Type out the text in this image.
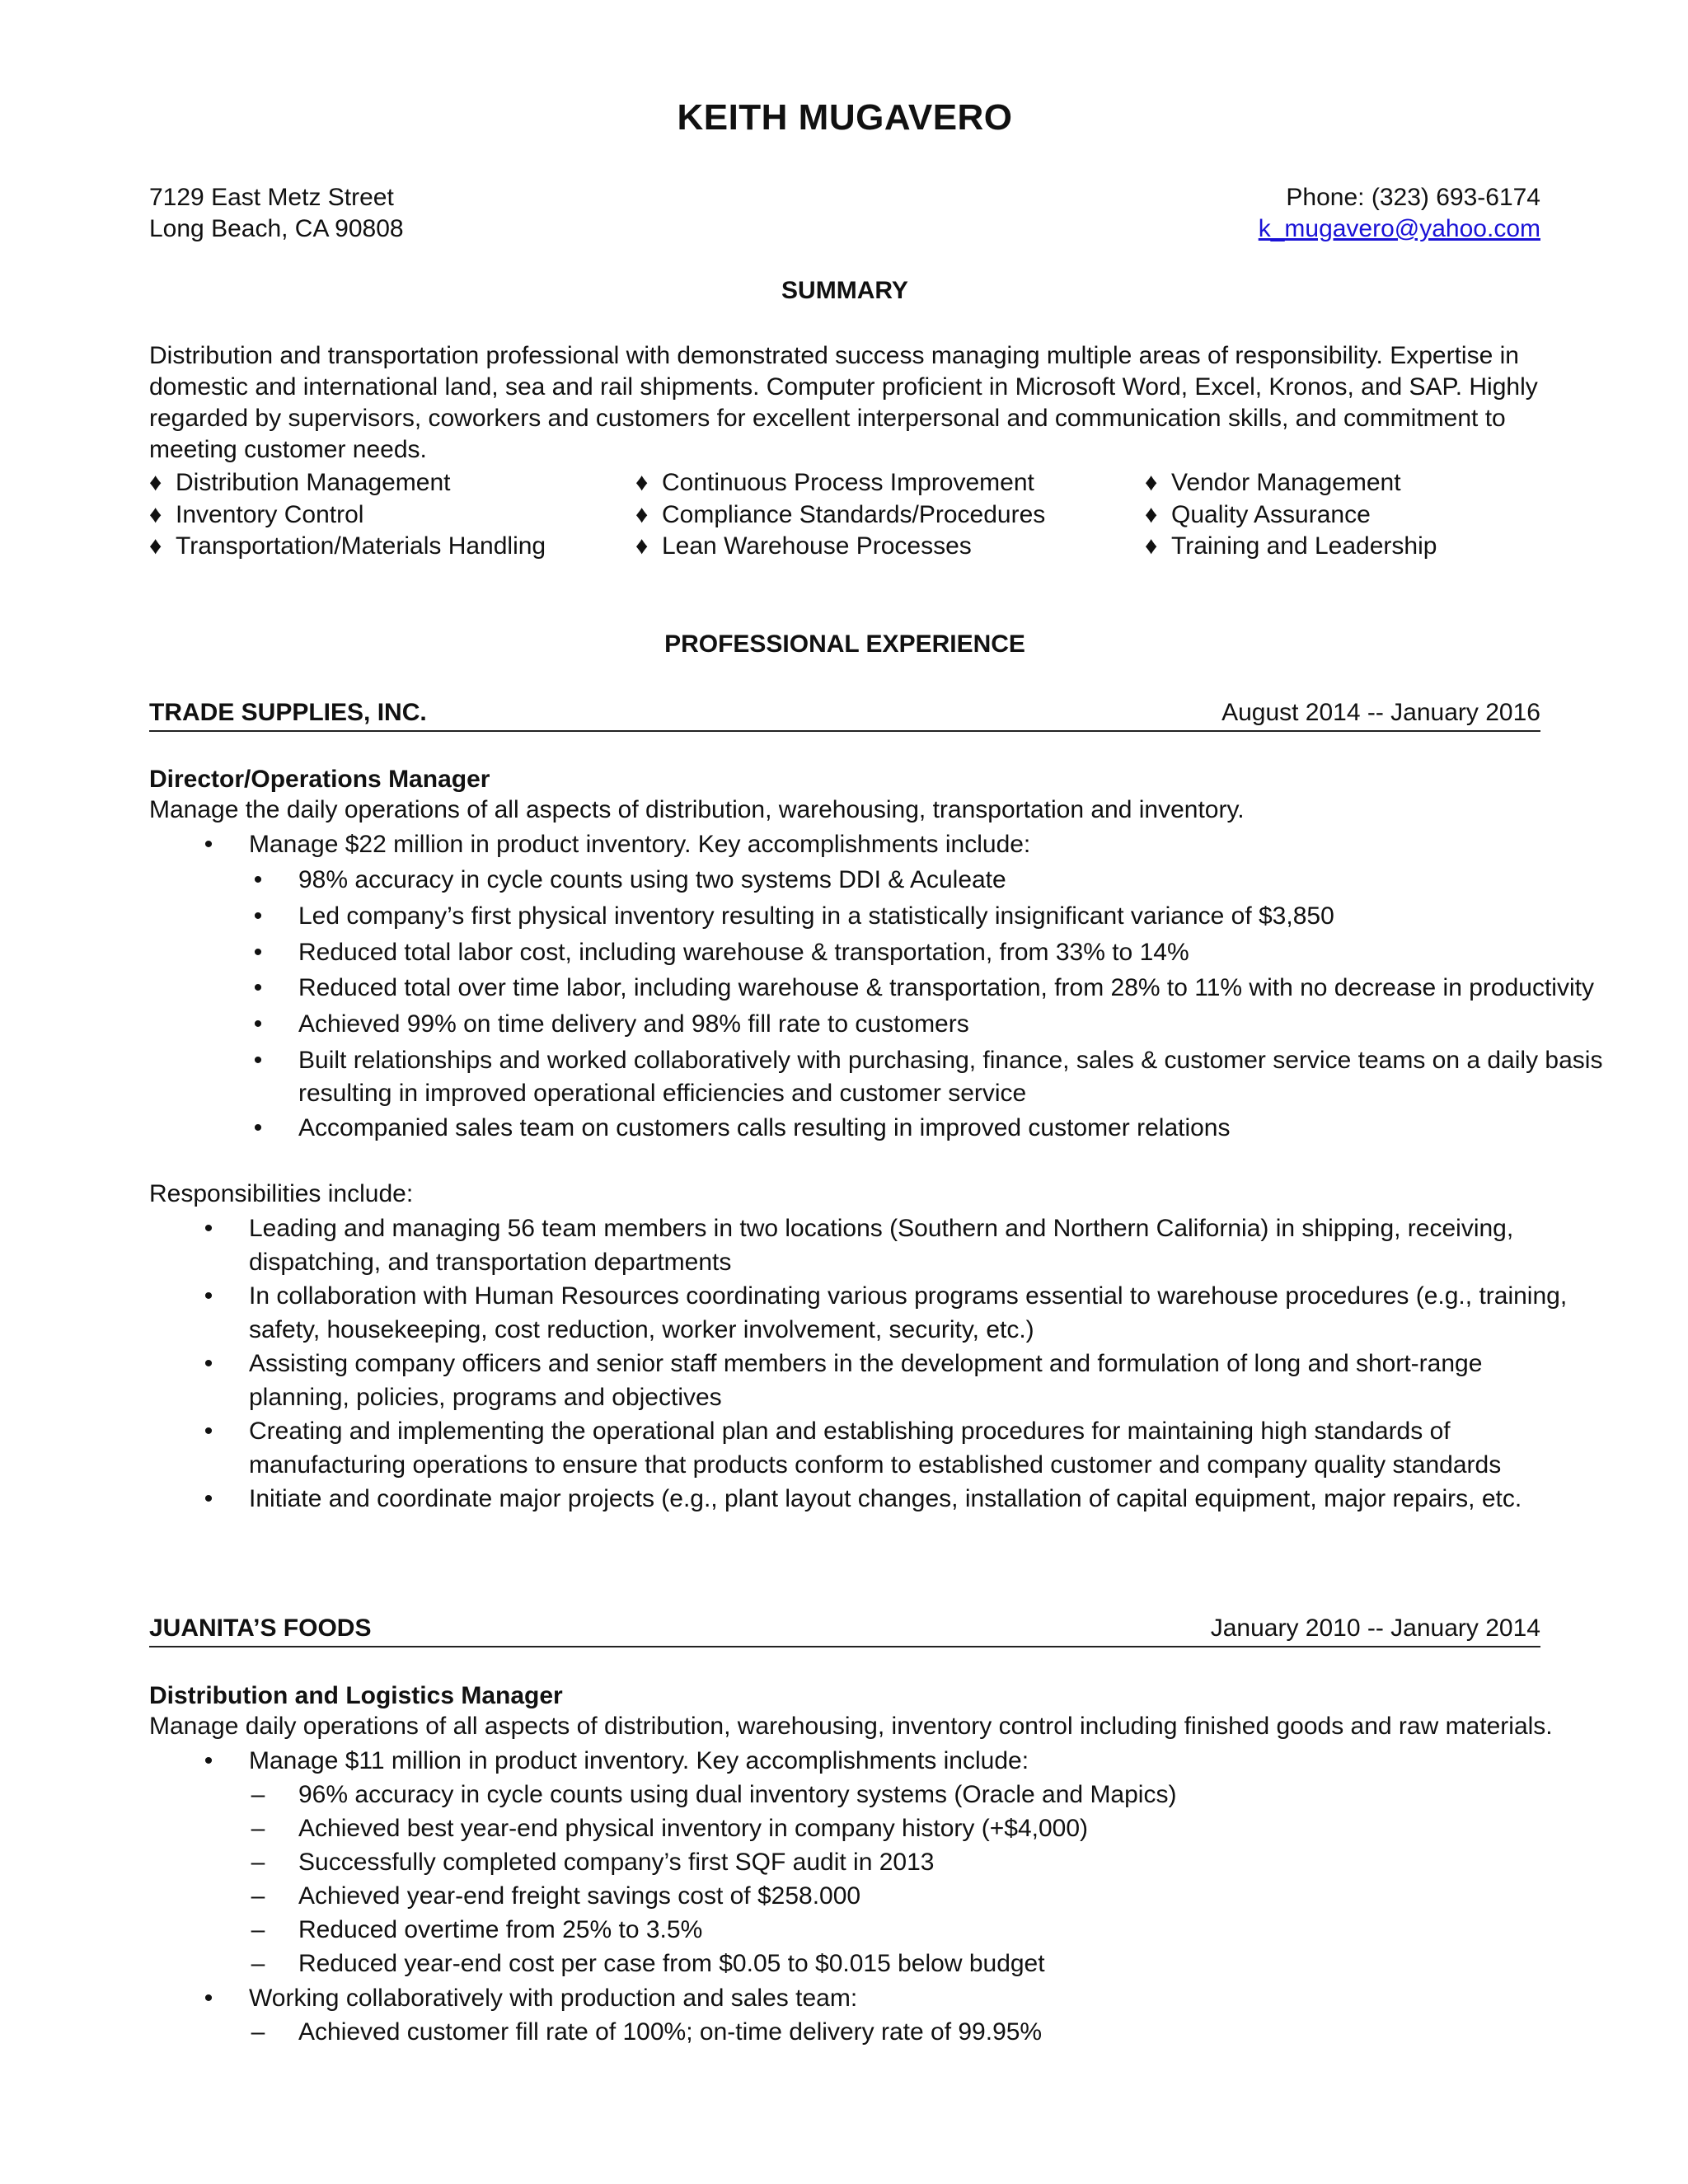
KEITH MUGAVERO
7129 East Metz Street
Long Beach, CA 90808
Phone: (323) 693-6174
k_mugavero@yahoo.com
SUMMARY
Distribution and transportation professional with demonstrated success managing multiple areas of responsibility. Expertise in domestic and international land, sea and rail shipments. Computer proficient in Microsoft Word, Excel, Kronos, and SAP. Highly regarded by supervisors, coworkers and customers for excellent interpersonal and communication skills, and commitment to meeting customer needs.
♦ Distribution Management
♦ Inventory Control
♦ Transportation/Materials Handling
♦ Continuous Process Improvement
♦ Compliance Standards/Procedures
♦ Lean Warehouse Processes
♦ Vendor Management
♦ Quality Assurance
♦ Training and Leadership
PROFESSIONAL EXPERIENCE
TRADE SUPPLIES, INC.	August 2014 -- January 2016
Director/Operations Manager
Manage the daily operations of all aspects of distribution, warehousing, transportation and inventory.
• Manage $22 million in product inventory. Key accomplishments include:
• 98% accuracy in cycle counts using two systems DDI & Aculeate
• Led company’s first physical inventory resulting in a statistically insignificant variance of $3,850
• Reduced total labor cost, including warehouse & transportation, from 33% to 14%
• Reduced total over time labor, including warehouse & transportation, from 28% to 11% with no decrease in productivity
• Achieved 99% on time delivery and 98% fill rate to customers
• Built relationships and worked collaboratively with purchasing, finance, sales & customer service teams on a daily basis
resulting in improved operational efficiencies and customer service
• Accompanied sales team on customers calls resulting in improved customer relations
Responsibilities include:
• Leading and managing 56 team members in two locations (Southern and Northern California) in shipping, receiving, dispatching, and transportation departments
• In collaboration with Human Resources coordinating various programs essential to warehouse procedures (e.g., training, safety, housekeeping, cost reduction, worker involvement, security, etc.)
• Assisting company officers and senior staff members in the development and formulation of long and short-range planning, policies, programs and objectives
• Creating and implementing the operational plan and establishing procedures for maintaining high standards of manufacturing operations to ensure that products conform to established customer and company quality standards
• Initiate and coordinate major projects (e.g., plant layout changes, installation of capital equipment, major repairs, etc.
JUANITA’S FOODS	January 2010 -- January 2014
Distribution and Logistics Manager
Manage daily operations of all aspects of distribution, warehousing, inventory control including finished goods and raw materials.
• Manage $11 million in product inventory. Key accomplishments include:
– 96% accuracy in cycle counts using dual inventory systems (Oracle and Mapics)
– Achieved best year-end physical inventory in company history (+$4,000)
– Successfully completed company’s first SQF audit in 2013
– Achieved year-end freight savings cost of $258.000
– Reduced overtime from 25% to 3.5%
– Reduced year-end cost per case from $0.05 to $0.015 below budget
• Working collaboratively with production and sales team:
– Achieved customer fill rate of 100%; on-time delivery rate of 99.95%
